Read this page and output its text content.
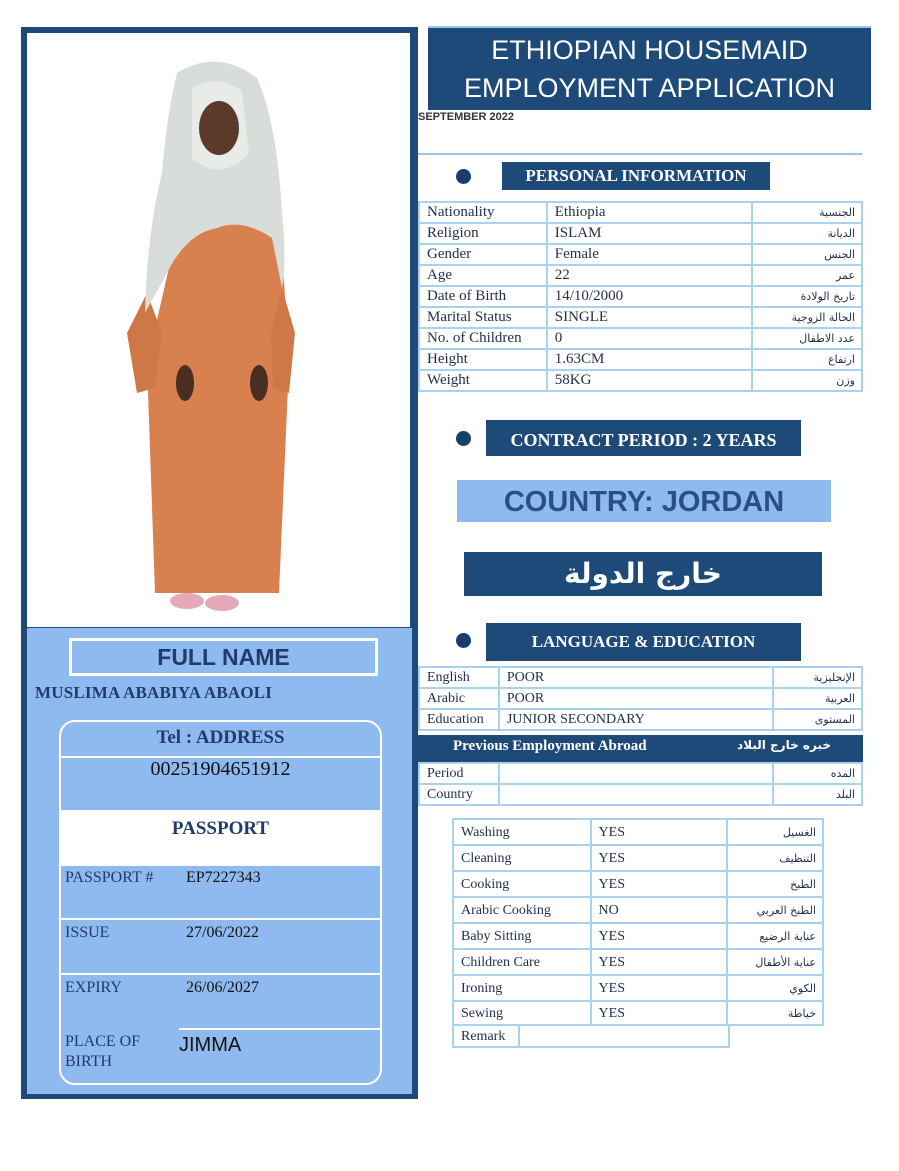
FULL NAME
MUSLIMA ABABIYA ABAOLI
Tel : ADDRESS
00251904651912
PASSPORT
PASSPORT # EP7227343
ISSUE	27/06/2022
EXPIRY	26/06/2027
PLACE OF BIRTH
JIMMA
ETHIOPIAN HOUSEMAID
EMPLOYMENT APPLICATION
SEPTEMBER 2022
PERSONAL INFORMATION
Nationality	Ethiopia	الجنسية
Religion	ISLAM	الديانة
Gender	Female	الجنس
Age	22	عمر
Date of Birth	14/10/2000	تاريخ الولادة
Marital Status	SINGLE	الحالة الزوجية
No. of Children	0	عدد الاطفال
Height	1.63CM	ارتفاع
Weight	58KG	وزن
CONTRACT PERIOD : 2 YEARS
COUNTRY: JORDAN
خارج الدولة
LANGUAGE & EDUCATION
English	POOR	الإنجليزية
Arabic	POOR	العربية
Education	JUNIOR SECONDARY	المستوى
Previous Employment Abroad	خبره خارج البلاد
Period		المده
Country		البلد
Washing	YES	الغسيل
Cleaning	YES	التنظيف
Cooking	YES	الطبخ
Arabic Cooking	NO	الطبخ العربي
Baby Sitting	YES	عناية الرضيع
Children Care	YES	عناية الأطفال
Ironing	YES	الكوي
Sewing	YES	خياطة
Remark	
